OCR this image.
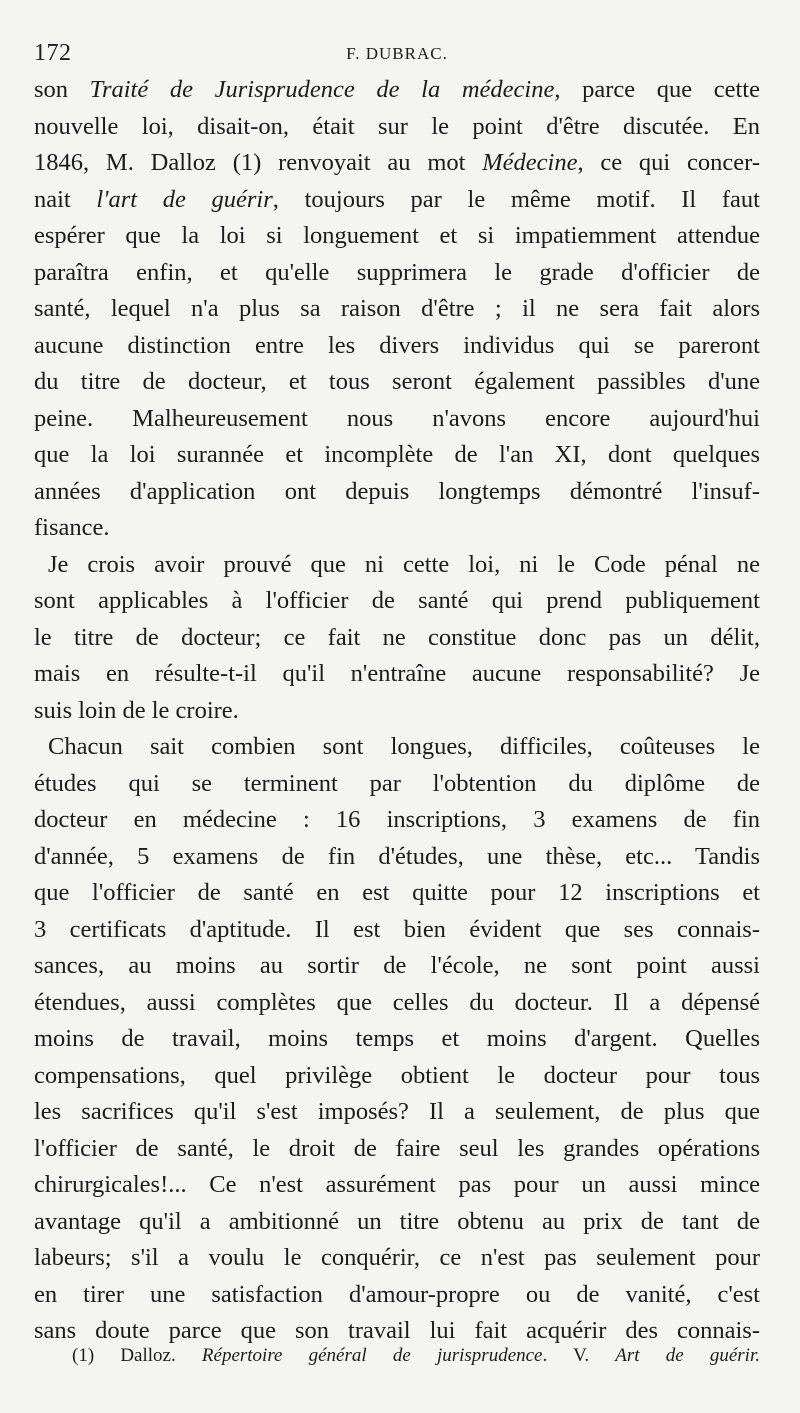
172	F. DUBRAC.
son Traité de Jurisprudence de la médecine, parce que cette
nouvelle loi, disait-on, était sur le point d'être discutée. En
1846, M. Dalloz (1) renvoyait au mot Médecine, ce qui concer-
nait l'art de guérir, toujours par le même motif. Il faut
espérer que la loi si longuement et si impatiemment attendue
paraîtra enfin, et qu'elle supprimera le grade d'officier de
santé, lequel n'a plus sa raison d'être ; il ne sera fait alors
aucune distinction entre les divers individus qui se pareront
du titre de docteur, et tous seront également passibles d'une
peine. Malheureusement nous n'avons encore aujourd'hui
que la loi surannée et incomplète de l'an XI, dont quelques
années d'application ont depuis longtemps démontré l'insuf-
fisance.
Je crois avoir prouvé que ni cette loi, ni le Code pénal ne
sont applicables à l'officier de santé qui prend publiquement
le titre de docteur; ce fait ne constitue donc pas un délit,
mais en résulte-t-il qu'il n'entraîne aucune responsabilité? Je
suis loin de le croire.
Chacun sait combien sont longues, difficiles, coûteuses le
études qui se terminent par l'obtention du diplôme de
docteur en médecine : 16 inscriptions, 3 examens de fin
d'année, 5 examens de fin d'études, une thèse, etc... Tandis
que l'officier de santé en est quitte pour 12 inscriptions et
3 certificats d'aptitude. Il est bien évident que ses connais-
sances, au moins au sortir de l'école, ne sont point aussi
étendues, aussi complètes que celles du docteur. Il a dépensé
moins de travail, moins temps et moins d'argent. Quelles
compensations, quel privilège obtient le docteur pour tous
les sacrifices qu'il s'est imposés? Il a seulement, de plus que
l'officier de santé, le droit de faire seul les grandes opérations
chirurgicales!... Ce n'est assurément pas pour un aussi mince
avantage qu'il a ambitionné un titre obtenu au prix de tant de
labeurs; s'il a voulu le conquérir, ce n'est pas seulement pour
en tirer une satisfaction d'amour-propre ou de vanité, c'est
sans doute parce que son travail lui fait acquérir des connais-
(1) Dalloz. Répertoire général de jurisprudence. V. Art de guérir.
